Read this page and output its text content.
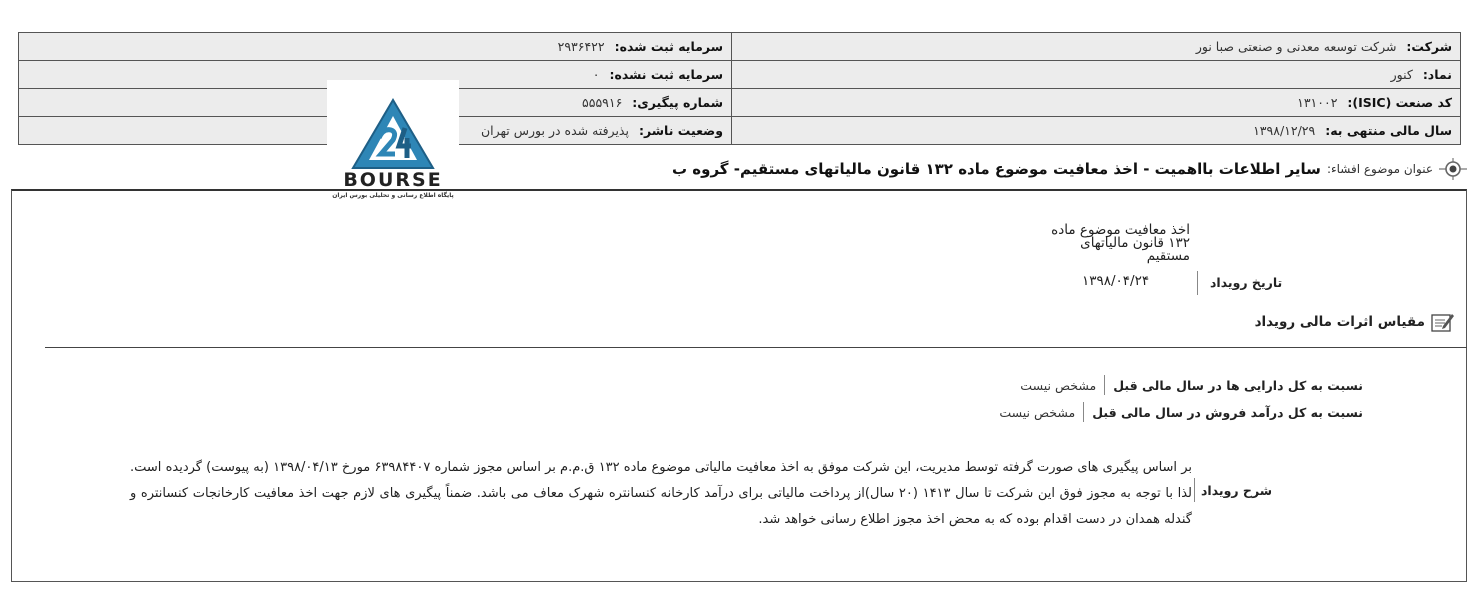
شرکت: شرکت توسعه معدنی و صنعتی صبا نور	سرمایه ثبت شده: ۲۹۳۶۴۲۲
نماد: کنور	سرمایه ثبت نشده: ۰
کد صنعت (ISIC): ۱۳۱۰۰۲	شماره پیگیری: ۵۵۵۹۱۶
سال مالی منتهی به: ۱۳۹۸/۱۲/۲۹	وضعیت ناشر: پذیرفته شده در بورس تهران
BOURSE
پایگاه اطلاع رسانی و تحلیلی بورس ایران
عنوان موضوع افشاء:
سایر اطلاعات بااهمیت - اخذ معافیت موضوع ماده ۱۳۲ قانون مالیاتهای مستقیم- گروه ب
اخذ معافیت موضوع ماده ۱۳۲ قانون مالیاتهای مستقیم
تاریخ رویداد
۱۳۹۸/۰۴/۲۴
مقیاس اثرات مالی رویداد
نسبت به کل دارایی ها در سال مالی قبل
مشخص نیست
نسبت به کل درآمد فروش در سال مالی قبل
مشخص نیست
شرح رویداد
بر اساس پیگیری های صورت گرفته توسط مدیریت، این شرکت موفق به اخذ معافیت مالیاتی موضوع ماده ۱۳۲ ق.م.م بر اساس مجوز شماره ۶۳۹۸۴۴۰۷ مورخ ۱۳۹۸/۰۴/۱۳ (به پیوست) گردیده است. لذا با توجه به مجوز فوق این شرکت تا سال ۱۴۱۳ (۲۰ سال)از پرداخت مالیاتی برای درآمد کارخانه کنسانتره شهرک معاف می باشد. ضمناً پیگیری های لازم جهت اخذ معافیت کارخانجات کنسانتره و گندله همدان در دست اقدام بوده که به محض اخذ مجوز اطلاع رسانی خواهد شد.
